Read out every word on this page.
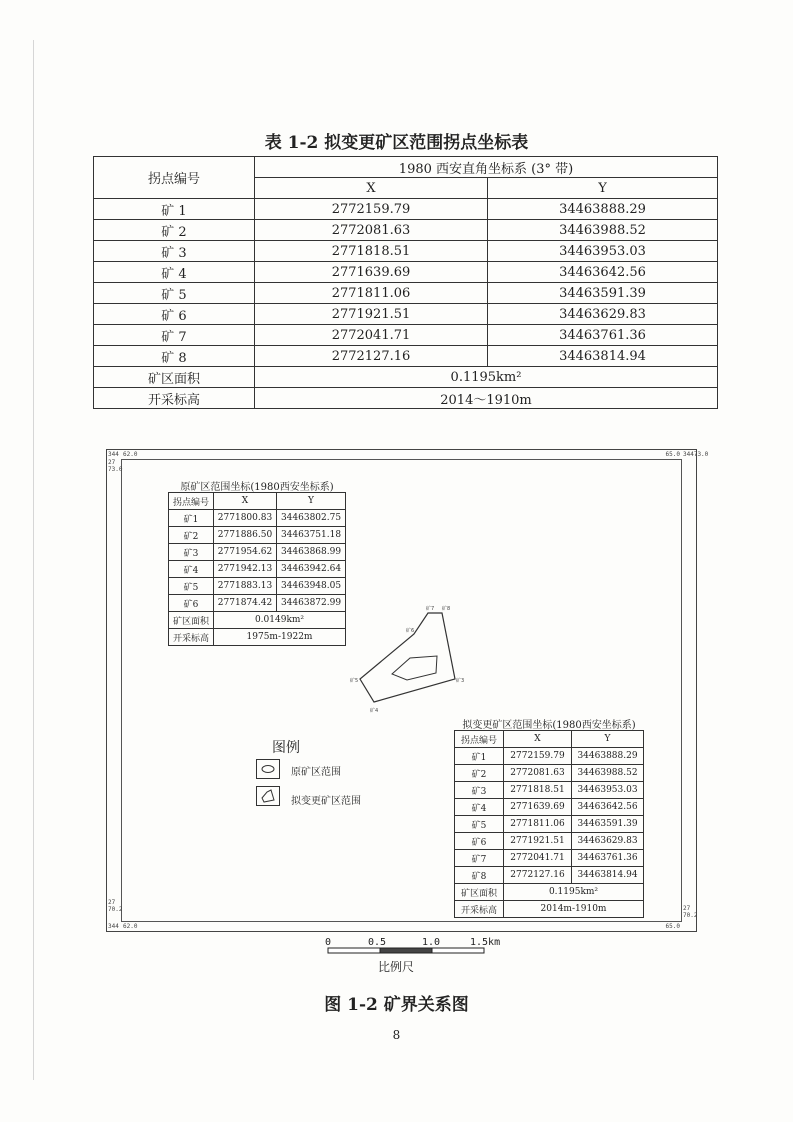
表 1-2 拟变更矿区范围拐点坐标表
拐点编号	1980 西安直角坐标系 (3° 带)	
	X	Y
矿 1	2772159.79	34463888.29
矿 2	2772081.63	34463988.52
矿 3	2771818.51	34463953.03
矿 4	2771639.69	34463642.56
矿 5	2771811.06	34463591.39
矿 6	2771921.51	34463629.83
矿 7	2772041.71	34463761.36
矿 8	2772127.16	34463814.94
矿区面积	0.1195km²	
开采标高	2014～1910m	
344 62.0
27 73.0
65.0 34473.0
27 70.2
62.0
344
27 70.2
65.0
原矿区范围坐标(1980西安坐标系)
拐点编号	X	Y
矿1	2771800.83	34463802.75
矿2	2771886.50	34463751.18
矿3	2771954.62	34463868.99
矿4	2771942.13	34463942.64
矿5	2771883.13	34463948.05
矿6	2771874.42	34463872.99
矿区面积	0.0149km²	
开采标高	1975m-1922m	
矿7 矿8
矿3
矿4
矿5
矿6
图例
原矿区范围
拟变更矿区范围
拟变更矿区范围坐标(1980西安坐标系)
拐点编号	X	Y
矿1	2772159.79	34463888.29
矿2	2772081.63	34463988.52
矿3	2771818.51	34463953.03
矿4	2771639.69	34463642.56
矿5	2771811.06	34463591.39
矿6	2771921.51	34463629.83
矿7	2772041.71	34463761.36
矿8	2772127.16	34463814.94
矿区面积	0.1195km²	
开采标高	2014m-1910m	
0	0.5	1.0	1.5km
比例尺
图 1-2 矿界关系图
8
